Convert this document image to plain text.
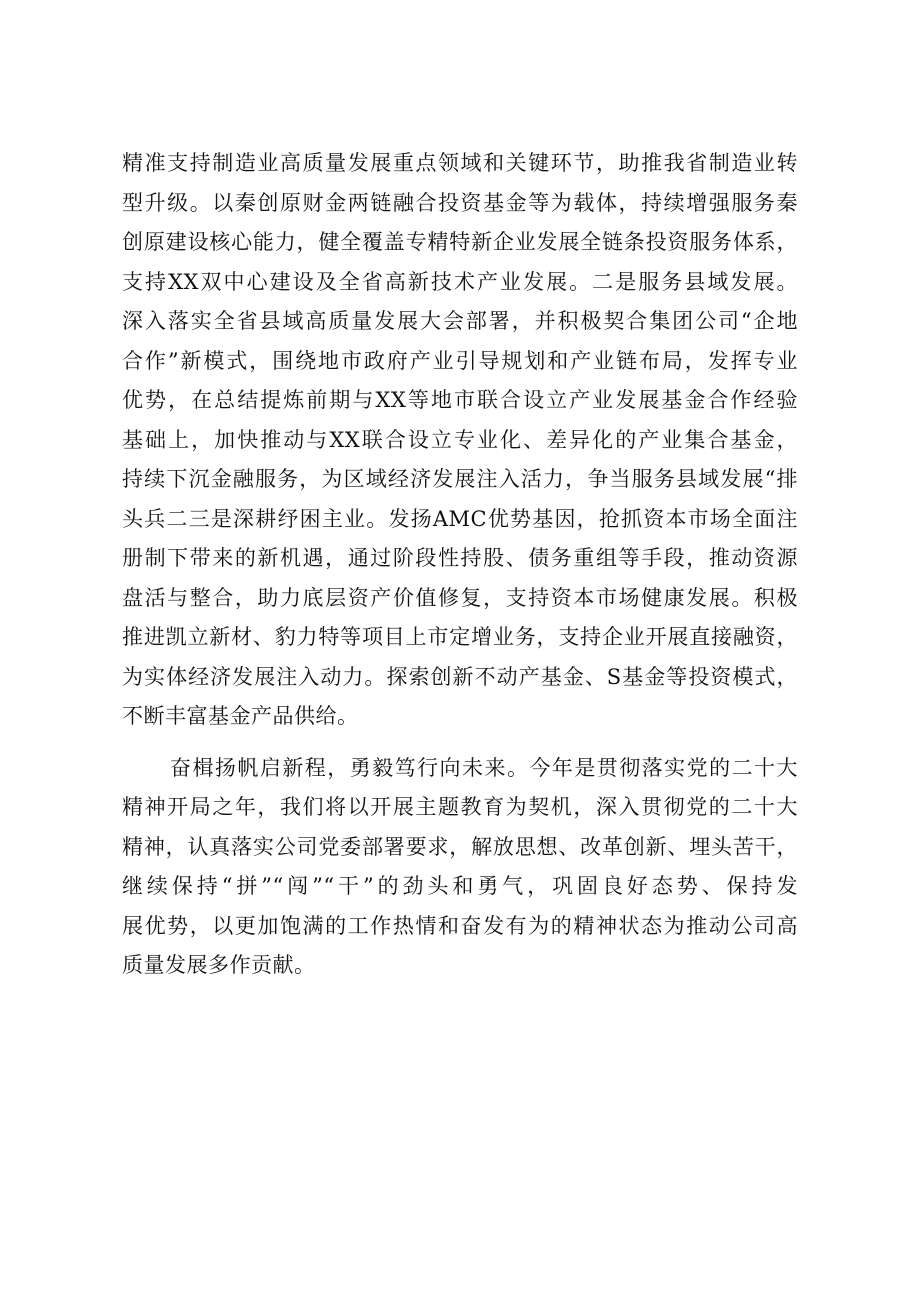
精准支持制造业高质量发展重点领域和关键环节，助推我省制造业转
型升级。以秦创原财金两链融合投资基金等为载体，持续增强服务秦
创原建设核心能力，健全覆盖专精特新企业发展全链条投资服务体系，
支持XX双中心建设及全省高新技术产业发展。二是服务县域发展。
深入落实全省县域高质量发展大会部署，并积极契合集团公司“企地
合作”新模式，围绕地市政府产业引导规划和产业链布局，发挥专业
优势，在总结提炼前期与XX等地市联合设立产业发展基金合作经验
基础上，加快推动与XX联合设立专业化、差异化的产业集合基金，
持续下沉金融服务，为区域经济发展注入活力，争当服务县域发展“排
头兵二三是深耕纾困主业。发扬AMC优势基因，抢抓资本市场全面注
册制下带来的新机遇，通过阶段性持股、债务重组等手段，推动资源
盘活与整合，助力底层资产价值修复，支持资本市场健康发展。积极
推进凯立新材、豹力特等项目上市定增业务，支持企业开展直接融资，
为实体经济发展注入动力。探索创新不动产基金、S基金等投资模式，
不断丰富基金产品供给。
奋楫扬帆启新程，勇毅笃行向未来。今年是贯彻落实党的二十大
精神开局之年，我们将以开展主题教育为契机，深入贯彻党的二十大
精神，认真落实公司党委部署要求，解放思想、改革创新、埋头苦干，
继续保持“拼”“闯”“干”的劲头和勇气，巩固良好态势、保持发
展优势，以更加饱满的工作热情和奋发有为的精神状态为推动公司高
质量发展多作贡献。
